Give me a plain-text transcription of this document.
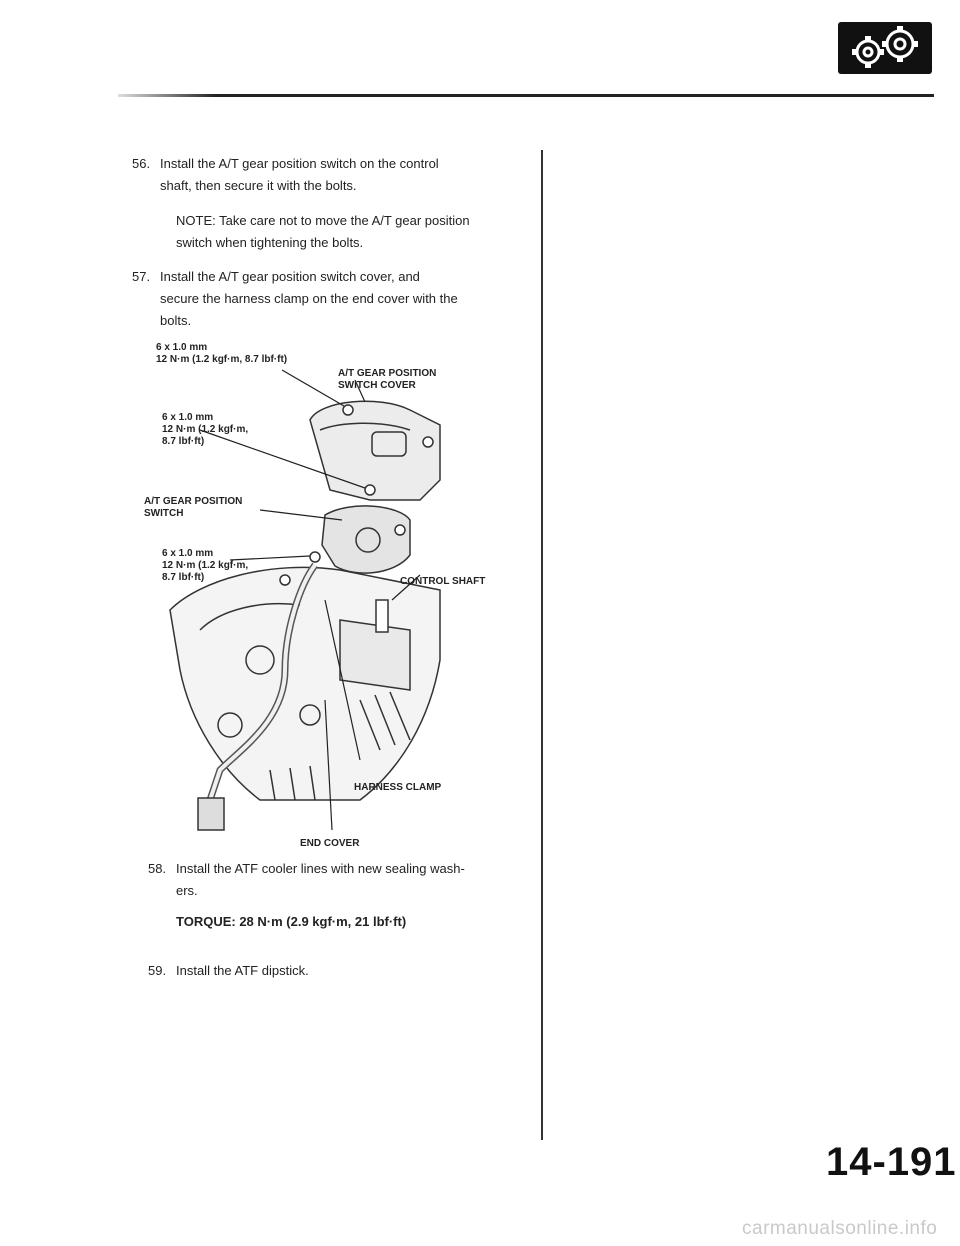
56. Install the A/T gear position switch on the control

shaft, then secure it with the bolts.

NOTE: Take care not to move the A/T gear position
switch when tightening the bolts.
57. Install the A/T gear position switch cover, and

secure the harness clamp on the end cover with the

bolts.

6 x 1.0 mm
12 N·m (1.2 kgf·m, 8.7 lbf·ft)
A/T GEAR POSITION
SWITCH COVER
6 x 1.0 mm
12 N·m (1.2 kgf·m,
8.7 lbf·ft)
A/T GEAR POSITION
SWITCH
6 x 1.0 mm
12 N·m (1.2 kgf·m,
8.7 lbf·ft)	CONTROL SHAFT
HARNESS CLAMP
END COVER
58. Install the ATF cooler lines with new sealing wash-

ers.

TORQUE: 28 N·m (2.9 kgf·m, 21 lbf·ft)
59. Install the ATF dipstick.

14-191
carmanualsonline.info
